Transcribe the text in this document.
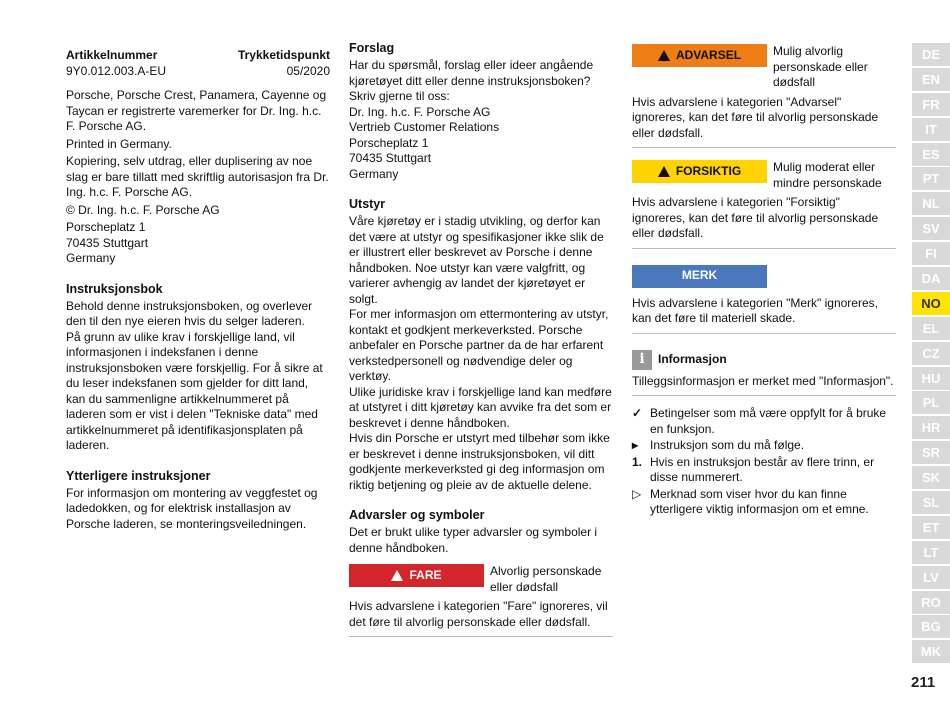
Artikkelnummer	Trykketidspunkt
9Y0.012.003.A-EU	05/2020

Porsche, Porsche Crest, Panamera, Cayenne og Taycan er registrerte varemerker for Dr. Ing. h.c. F. Porsche AG.

Printed in Germany.

Kopiering, selv utdrag, eller duplisering av noe slag er bare tillatt med skriftlig autorisasjon fra Dr. Ing. h.c. F. Porsche AG.

© Dr. Ing. h.c. F. Porsche AG

Porscheplatz 1

70435 Stuttgart

Germany

Instruksjonsbok

Behold denne instruksjonsboken, og overlever den til den nye eieren hvis du selger laderen.

På grunn av ulike krav i forskjellige land, vil informasjonen i indeksfanen i denne instruksjonsboken være forskjellig. For å sikre at du leser indeksfanen som gjelder for ditt land, kan du sammenligne artikkelnummeret på laderen som er vist i delen "Tekniske data" med artikkelnummeret på identifikasjonsplaten på laderen.

Ytterligere instruksjoner

For informasjon om montering av veggfestet og ladedokken, og for elektrisk installasjon av Porsche laderen, se monteringsveiledningen.

Forslag

Har du spørsmål, forslag eller ideer angående kjøretøyet ditt eller denne instruksjonsboken?

Skriv gjerne til oss:

Dr. Ing. h.c. F. Porsche AG

Vertrieb Customer Relations

Porscheplatz 1

70435 Stuttgart

Germany

Utstyr

Våre kjøretøy er i stadig utvikling, og derfor kan det være at utstyr og spesifikasjoner ikke slik de er illustrert eller beskrevet av Porsche i denne håndboken. Noe utstyr kan være valgfritt, og varierer avhengig av landet der kjøretøyet er solgt.

For mer informasjon om ettermontering av utstyr, kontakt et godkjent merkeverksted. Porsche anbefaler en Porsche partner da de har erfarent verkstedpersonell og nødvendige deler og verktøy.

Ulike juridiske krav i forskjellige land kan medføre at utstyret i ditt kjøretøy kan avvike fra det som er beskrevet i denne håndboken.

Hvis din Porsche er utstyrt med tilbehør som ikke er beskrevet i denne instruksjonsboken, vil ditt godkjente merkeverksted gi deg informasjon om riktig betjening og pleie av de aktuelle delene.

Advarsler og symboler

Det er brukt ulike typer advarsler og symboler i denne håndboken.

FARE	Alvorlig personskade eller dødsfall

Hvis advarslene i kategorien "Fare" ignoreres, vil det føre til alvorlig personskade eller dødsfall.

ADVARSEL	Mulig alvorlig personskade eller dødsfall

Hvis advarslene i kategorien "Advarsel" ignoreres, kan det føre til alvorlig personskade eller dødsfall.

FORSIKTIG	Mulig moderat eller mindre personskade

Hvis advarslene i kategorien "Forsiktig" ignoreres, kan det føre til alvorlig personskade eller dødsfall.

MERK

Hvis advarslene i kategorien "Merk" ignoreres, kan det føre til materiell skade.

i	Informasjon

Tilleggsinformasjon er merket med "Informasjon".

✓ Betingelser som må være oppfylt for å bruke en funksjon.
▸ Instruksjon som du må følge.
1. Hvis en instruksjon består av flere trinn, er disse nummerert.
▷ Merknad som viser hvor du kan finne ytterligere viktig informasjon om et emne.
DE
EN
FR
IT
ES
PT
NL
SV
FI
DA
NO
EL
CZ
HU
PL
HR
SR
SK
SL
ET
LT
LV
RO
BG
MK
211
